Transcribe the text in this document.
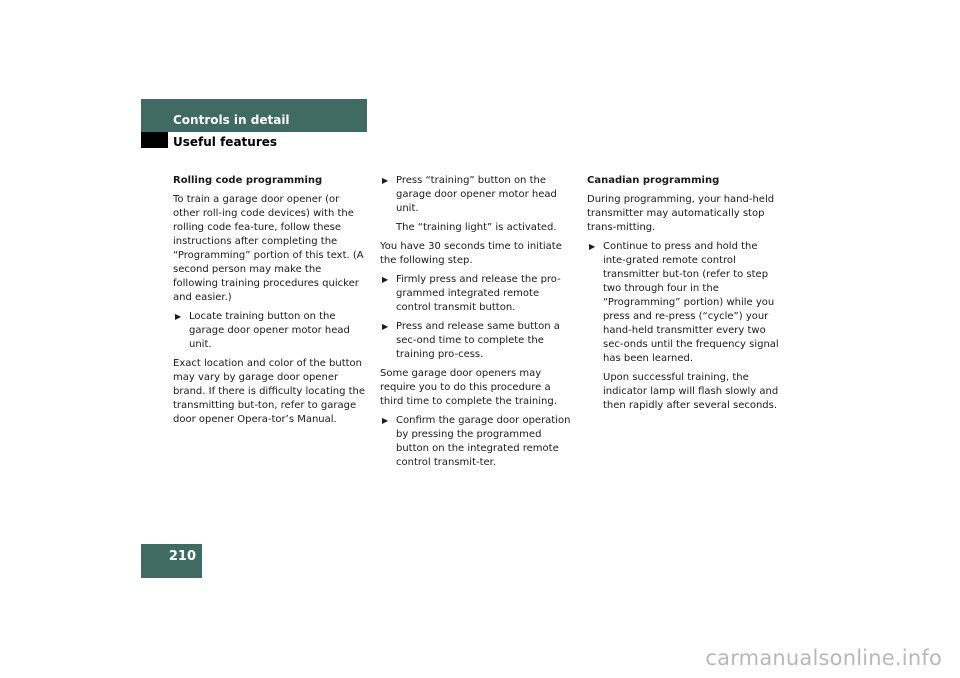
Controls in detail
Useful features

Rolling code programming

To train a garage door opener (or other roll-ing code devices) with the rolling code fea-ture, follow these instructions after completing the “Programming” portion of this text. (A second person may make the following training procedures quicker and easier.)

▶ Locate training button on the garage door opener motor head unit.

Exact location and color of the button may vary by garage door opener brand. If there is difficulty locating the transmitting but-ton, refer to garage door opener Opera-tor’s Manual.

▶ Press “training” button on the garage door opener motor head unit.

The “training light” is activated.

You have 30 seconds time to initiate the following step.

▶ Firmly press and release the pro-grammed integrated remote control transmit button.
▶ Press and release same button a sec-ond time to complete the training pro-cess.

Some garage door openers may require you to do this procedure a third time to complete the training.

▶ Confirm the garage door operation by pressing the programmed button on the integrated remote control transmit-ter.

Canadian programming

During programming, your hand-held transmitter may automatically stop trans-mitting.

▶ Continue to press and hold the inte-grated remote control transmitter but-ton (refer to step two through four in the “Programming” portion) while you press and re-press (“cycle”) your hand-held transmitter every two sec-onds until the frequency signal has been learned.

Upon successful training, the indicator lamp will flash slowly and then rapidly after several seconds.

210
carmanualsonline.info
